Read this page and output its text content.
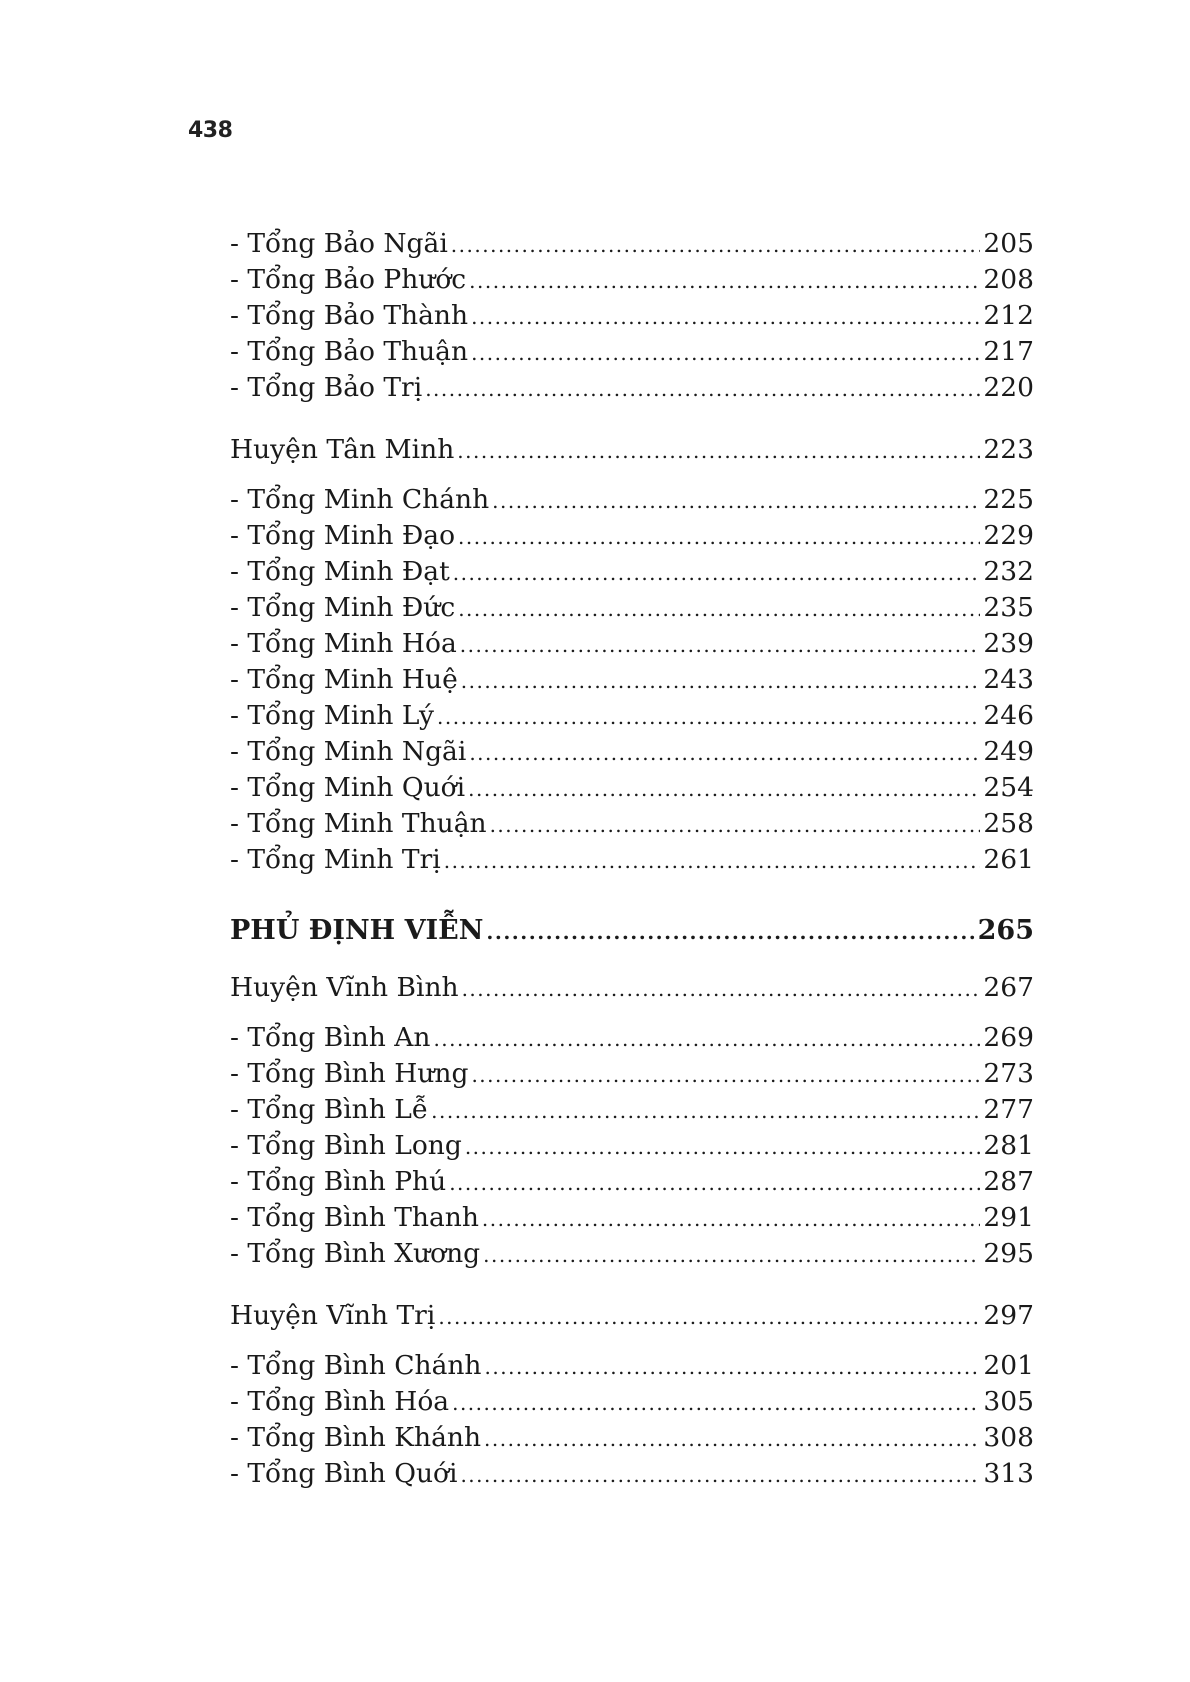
438
- Tổng Bảo Ngãi .....	205
- Tổng Bảo Phước .....	208
- Tổng Bảo Thành .....	212
- Tổng Bảo Thuận .....	217
- Tổng Bảo Trị .....	220
Huyện Tân Minh .....	223
- Tổng Minh Chánh .....	225
- Tổng Minh Đạo .....	229
- Tổng Minh Đạt .....	232
- Tổng Minh Đức .....	235
- Tổng Minh Hóa .....	239
- Tổng Minh Huệ .....	243
- Tổng Minh Lý .....	246
- Tổng Minh Ngãi .....	249
- Tổng Minh Quới .....	254
- Tổng Minh Thuận .....	258
- Tổng Minh Trị .....	261
PHỦ ĐỊNH VIỄN .....	265
Huyện Vĩnh Bình .....	267
- Tổng Bình An .....	269
- Tổng Bình Hưng .....	273
- Tổng Bình Lễ .....	277
- Tổng Bình Long .....	281
- Tổng Bình Phú .....	287
- Tổng Bình Thanh .....	291
- Tổng Bình Xương .....	295
Huyện Vĩnh Trị .....	297
- Tổng Bình Chánh .....	201
- Tổng Bình Hóa .....	305
- Tổng Bình Khánh .....	308
- Tổng Bình Quới .....	313
